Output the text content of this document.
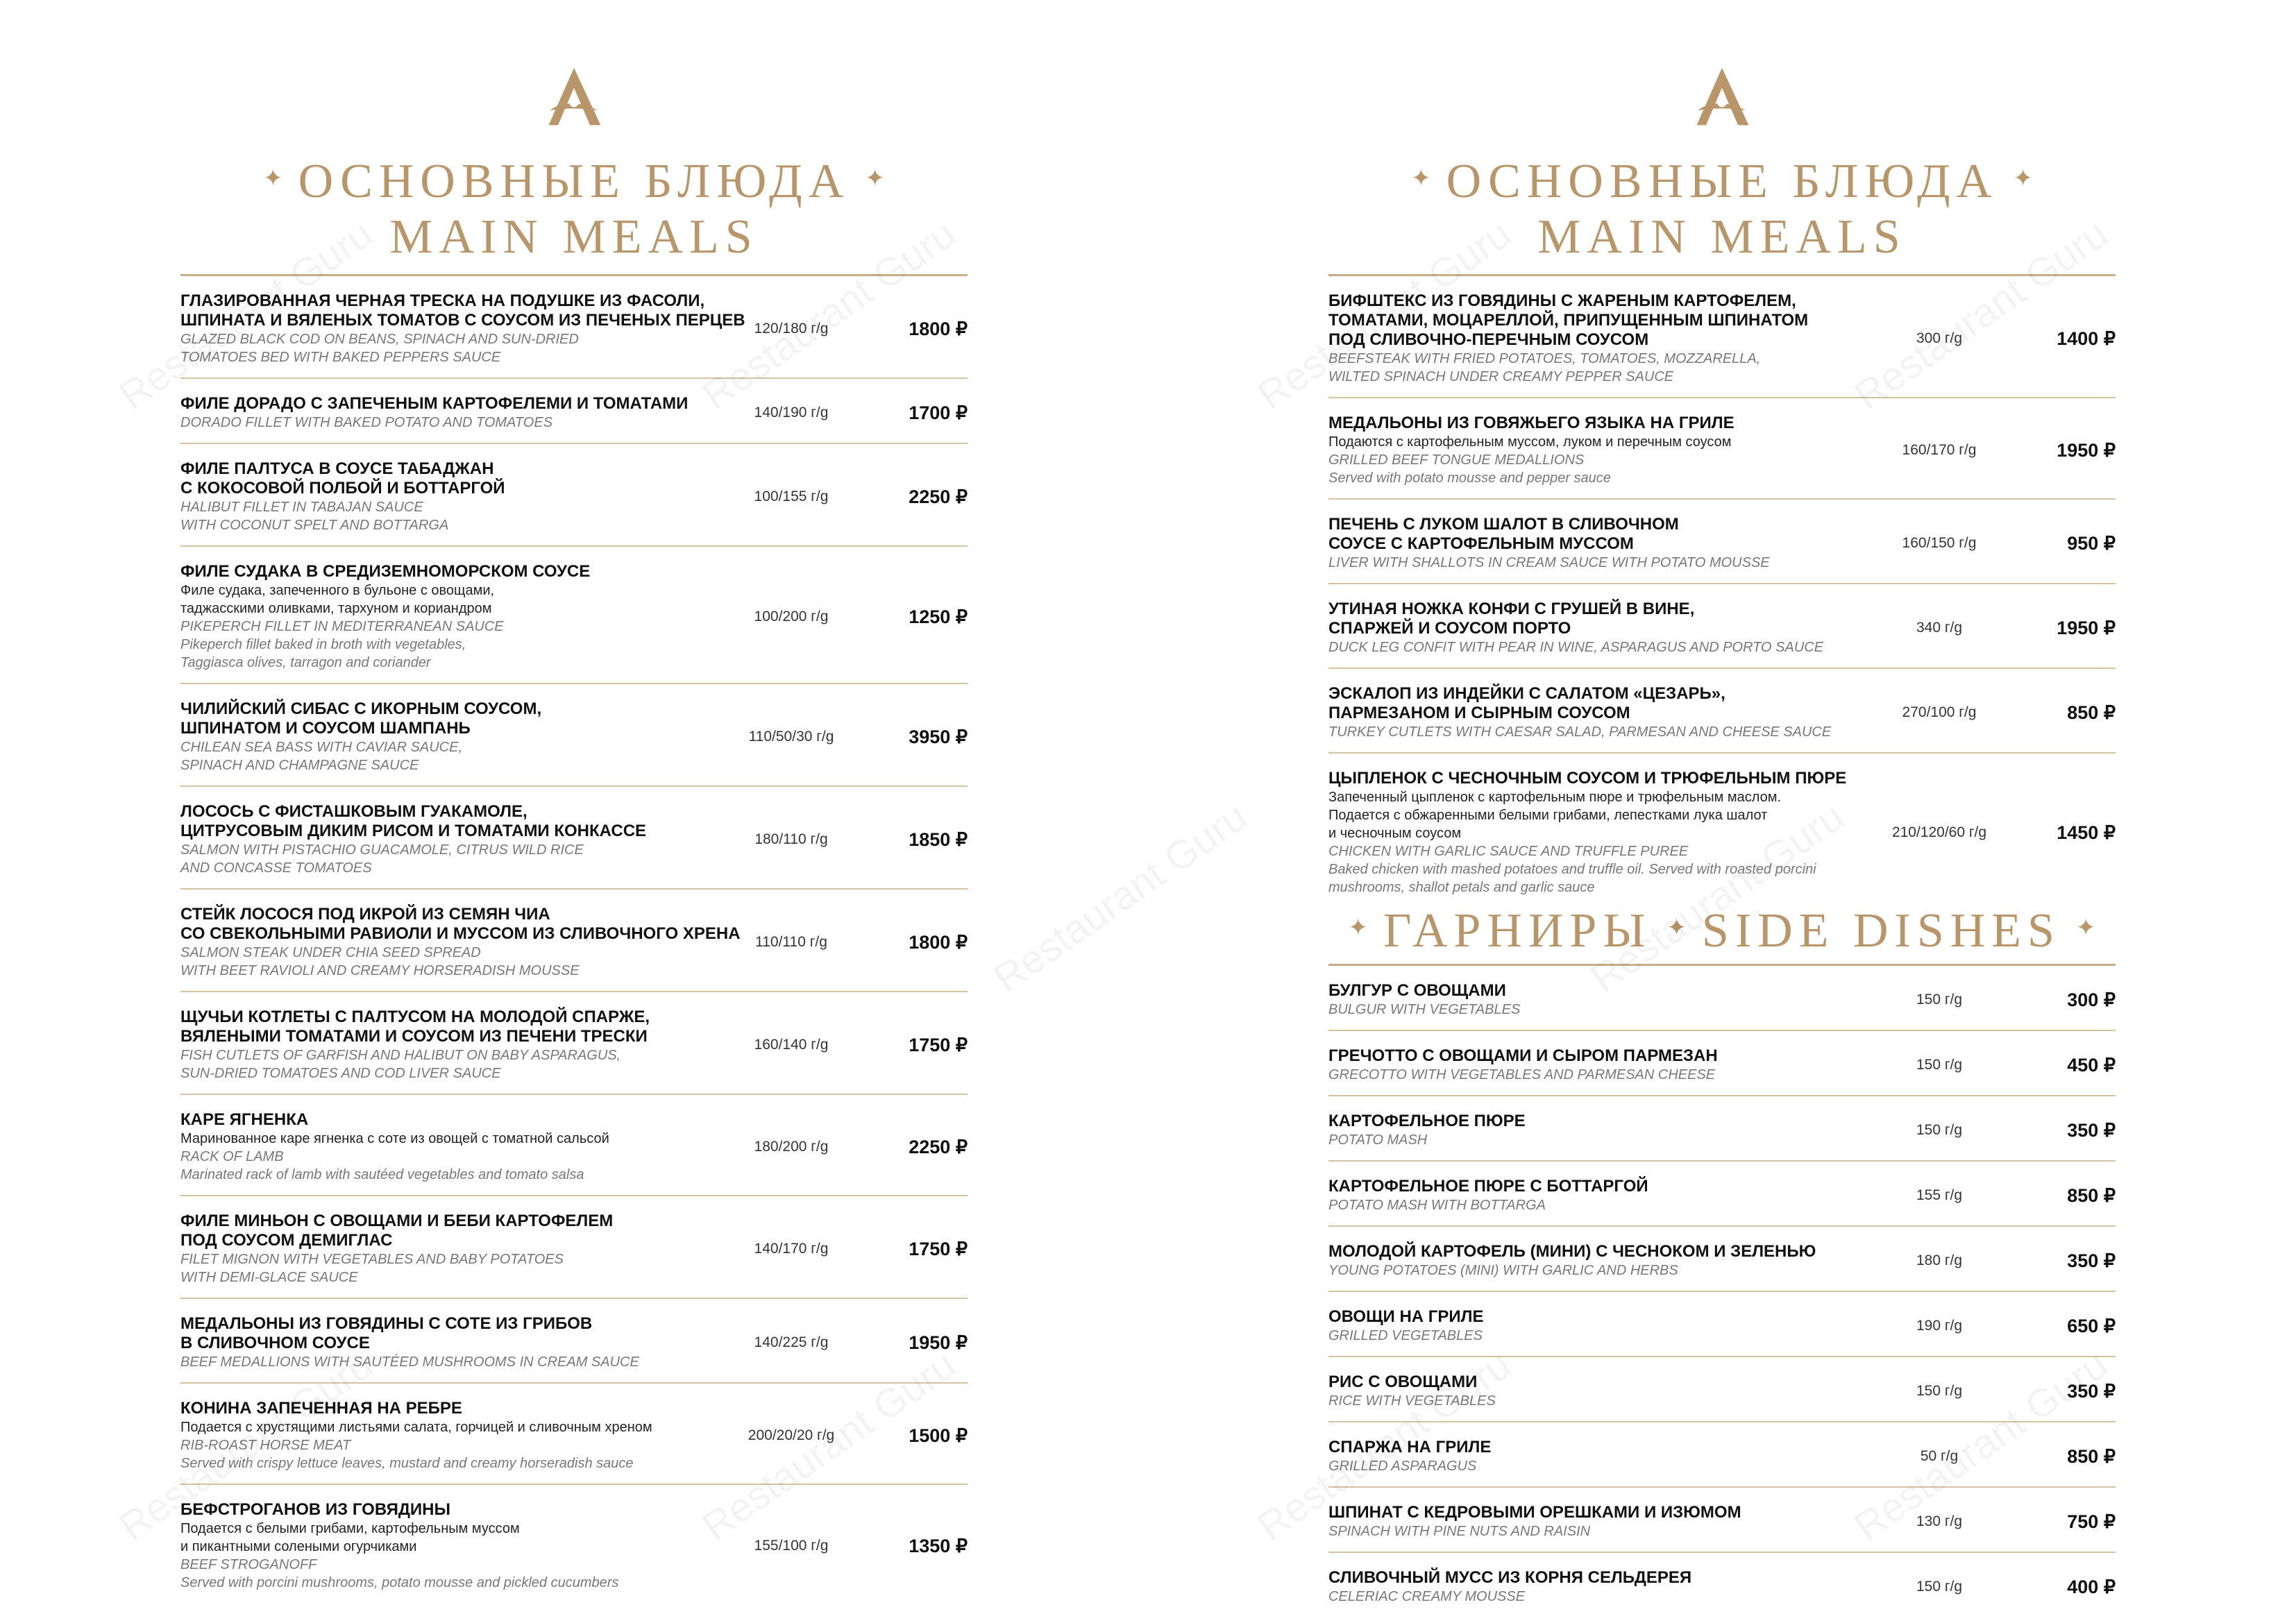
✦ ОСНОВНЫЕ БЛЮДА ✦
MAIN MEALS
ГЛАЗИРОВАННАЯ ЧЕРНАЯ ТРЕСКА НА ПОДУШКЕ ИЗ ФАСОЛИ,
ШПИНАТА И ВЯЛЕНЫХ ТОМАТОВ С СОУСОМ ИЗ ПЕЧЕНЫХ ПЕРЦЕВ
GLAZED BLACK COD ON BEANS, SPINACH AND SUN-DRIED
TOMATOES BED WITH BAKED PEPPERS SAUCE
120/180 г/g	1800 ₽
ФИЛЕ ДОРАДО С ЗАПЕЧЕНЫМ КАРТОФЕЛЕМИ И ТОМАТАМИ
DORADO FILLET WITH BAKED POTATO AND TOMATOES
140/190 г/g	1700 ₽
ФИЛЕ ПАЛТУСА В СОУСЕ ТАБАДЖАН
С КОКОСОВОЙ ПОЛБОЙ И БОТТАРГОЙ
HALIBUT FILLET IN TABAJAN SAUCE
WITH COCONUT SPELT AND BOTTARGA
100/155 г/g	2250 ₽
ФИЛЕ СУДАКА В СРЕДИЗЕМНОМОРСКОМ СОУСЕ
Филе судака, запеченного в бульоне с овощами,
таджасскими оливками, тархуном и кориандром
PIKEPERCH FILLET IN MEDITERRANEAN SAUCE
Pikeperch fillet baked in broth with vegetables,
Taggiasca olives, tarragon and coriander
100/200 г/g	1250 ₽
ЧИЛИЙСКИЙ СИБАС С ИКОРНЫМ СОУСОМ,
ШПИНАТОМ И СОУСОМ ШАМПАНЬ
CHILEAN SEA BASS WITH CAVIAR SAUCE,
SPINACH AND CHAMPAGNE SAUCE
110/50/30 г/g	3950 ₽
ЛОСОСЬ С ФИСТАШКОВЫМ ГУАКАМОЛЕ,
ЦИТРУСОВЫМ ДИКИМ РИСОМ И ТОМАТАМИ КОНКАССЕ
SALMON WITH PISTACHIO GUACAMOLE, CITRUS WILD RICE
AND CONCASSE TOMATOES
180/110 г/g	1850 ₽
СТЕЙК ЛОСОСЯ ПОД ИКРОЙ ИЗ СЕМЯН ЧИА
СО СВЕКОЛЬНЫМИ РАВИОЛИ И МУССОМ ИЗ СЛИВОЧНОГО ХРЕНА
SALMON STEAK UNDER CHIA SEED SPREAD
WITH BEET RAVIOLI AND CREAMY HORSERADISH MOUSSE
110/110 г/g	1800 ₽
ЩУЧЬИ КОТЛЕТЫ С ПАЛТУСОМ НА МОЛОДОЙ СПАРЖЕ,
ВЯЛЕНЫМИ ТОМАТАМИ И СОУСОМ ИЗ ПЕЧЕНИ ТРЕСКИ
FISH CUTLETS OF GARFISH AND HALIBUT ON BABY ASPARAGUS,
SUN-DRIED TOMATOES AND COD LIVER SAUCE
160/140 г/g	1750 ₽
КАРЕ ЯГНЕНКА
Маринованное каре ягненка с соте из овощей с томатной сальсой
RACK OF LAMB
Marinated rack of lamb with sautéed vegetables and tomato salsa
180/200 г/g	2250 ₽
ФИЛЕ МИНЬОН С ОВОЩАМИ И БЕБИ КАРТОФЕЛЕМ
ПОД СОУСОМ ДЕМИГЛАС
FILET MIGNON WITH VEGETABLES AND BABY POTATOES
WITH DEMI-GLACE SAUCE
140/170 г/g	1750 ₽
МЕДАЛЬОНЫ ИЗ ГОВЯДИНЫ С СОТЕ ИЗ ГРИБОВ
В СЛИВОЧНОМ СОУСЕ
BEEF MEDALLIONS WITH SAUTÉED MUSHROOMS IN CREAM SAUCE
140/225 г/g	1950 ₽
КОНИНА ЗАПЕЧЕННАЯ НА РЕБРЕ
Подается с хрустящими листьями салата, горчицей и сливочным хреном
RIB-ROAST HORSE MEAT
Served with crispy lettuce leaves, mustard and creamy horseradish sauce
200/20/20 г/g	1500 ₽
БЕФСТРОГАНОВ ИЗ ГОВЯДИНЫ
Подается с белыми грибами, картофельным муссом
и пикантными солеными огурчиками
BEEF STROGANOFF
Served with porcini mushrooms, potato mousse and pickled cucumbers
155/100 г/g	1350 ₽
✦ ОСНОВНЫЕ БЛЮДА ✦
MAIN MEALS
БИФШТЕКС ИЗ ГОВЯДИНЫ С ЖАРЕНЫМ КАРТОФЕЛЕМ,
ТОМАТАМИ, МОЦАРЕЛЛОЙ, ПРИПУЩЕННЫМ ШПИНАТОМ
ПОД СЛИВОЧНО-ПЕРЕЧНЫМ СОУСОМ
BEEFSTEAK WITH FRIED POTATOES, TOMATOES, MOZZARELLA,
WILTED SPINACH UNDER CREAMY PEPPER SAUCE
300 г/g	1400 ₽
МЕДАЛЬОНЫ ИЗ ГОВЯЖЬЕГО ЯЗЫКА НА ГРИЛЕ
Подаются с картофельным муссом, луком и перечным соусом
GRILLED BEEF TONGUE MEDALLIONS
Served with potato mousse and pepper sauce
160/170 г/g	1950 ₽
ПЕЧЕНЬ С ЛУКОМ ШАЛОТ В СЛИВОЧНОМ
СОУСЕ С КАРТОФЕЛЬНЫМ МУССОМ
LIVER WITH SHALLOTS IN CREAM SAUCE WITH POTATO MOUSSE
160/150 г/g	950 ₽
УТИНАЯ НОЖКА КОНФИ С ГРУШЕЙ В ВИНЕ,
СПАРЖЕЙ И СОУСОМ ПОРТО
DUCK LEG CONFIT WITH PEAR IN WINE, ASPARAGUS AND PORTO SAUCE
340 г/g	1950 ₽
ЭСКАЛОП ИЗ ИНДЕЙКИ С САЛАТОМ «ЦЕЗАРЬ»,
ПАРМЕЗАНОМ И СЫРНЫМ СОУСОМ
TURKEY CUTLETS WITH CAESAR SALAD, PARMESAN AND CHEESE SAUCE
270/100 г/g	850 ₽
ЦЫПЛЕНОК С ЧЕСНОЧНЫМ СОУСОМ И ТРЮФЕЛЬНЫМ ПЮРЕ
Запеченный цыпленок с картофельным пюре и трюфельным маслом.
Подается с обжаренными белыми грибами, лепестками лука шалот
и чесночным соусом
CHICKEN WITH GARLIC SAUCE AND TRUFFLE PUREE
Baked chicken with mashed potatoes and truffle oil. Served with roasted porcini
mushrooms, shallot petals and garlic sauce
210/120/60 г/g	1450 ₽
✦ ГАРНИРЫ ✦ SIDE DISHES ✦
БУЛГУР С ОВОЩАМИ
BULGUR WITH VEGETABLES
150 г/g	300 ₽
ГРЕЧОТТО С ОВОЩАМИ И СЫРОМ ПАРМЕЗАН
GRECOTTO WITH VEGETABLES AND PARMESAN CHEESE
150 г/g	450 ₽
КАРТОФЕЛЬНОЕ ПЮРЕ
POTATO MASH
150 г/g	350 ₽
КАРТОФЕЛЬНОЕ ПЮРЕ С БОТТАРГОЙ
POTATO MASH WITH BOTTARGA
155 г/g	850 ₽
МОЛОДОЙ КАРТОФЕЛЬ (МИНИ) С ЧЕСНОКОМ И ЗЕЛЕНЬЮ
YOUNG POTATOES (MINI) WITH GARLIC AND HERBS
180 г/g	350 ₽
ОВОЩИ НА ГРИЛЕ
GRILLED VEGETABLES
190 г/g	650 ₽
РИС С ОВОЩАМИ
RICE WITH VEGETABLES
150 г/g	350 ₽
СПАРЖА НА ГРИЛЕ
GRILLED ASPARAGUS
50 г/g	850 ₽
ШПИНАТ С КЕДРОВЫМИ ОРЕШКАМИ И ИЗЮМОМ
SPINACH WITH PINE NUTS AND RAISIN
130 г/g	750 ₽
СЛИВОЧНЫЙ МУСС ИЗ КОРНЯ СЕЛЬДЕРЕЯ
CELERIAC CREAMY MOUSSE
150 г/g	400 ₽
